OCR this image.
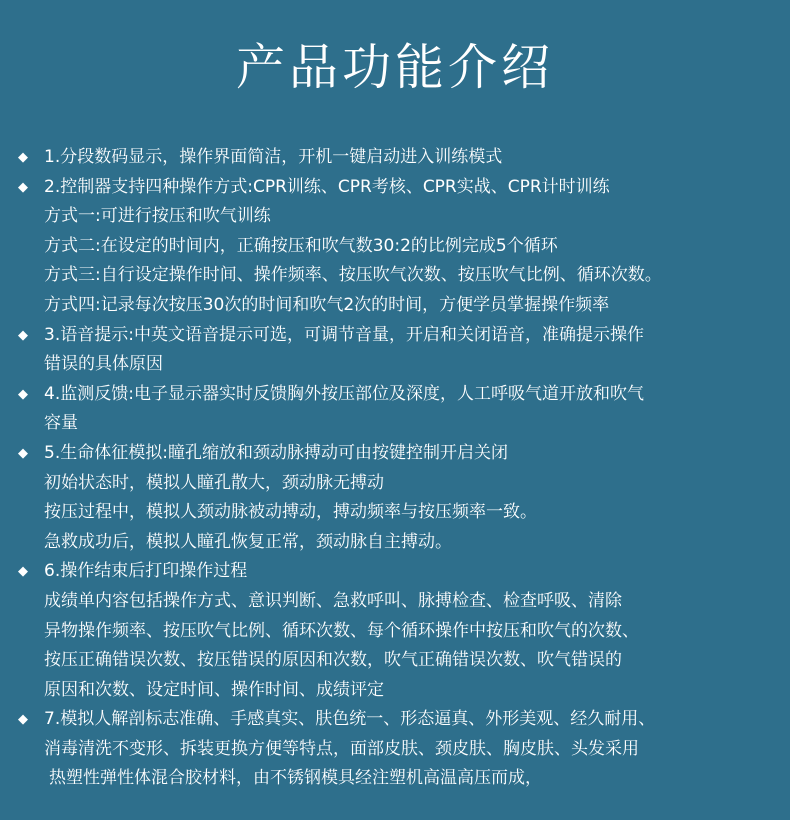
产品功能介绍
◆ 1.分段数码显示，操作界面简洁，开机一键启动进入训练模式
◆ 2.控制器支持四种操作方式:CPR训练、CPR考核、CPR实战、CPR计时训练
方式一:可进行按压和吹气训练
方式二:在设定的时间内，正确按压和吹气数30:2的比例完成5个循环
方式三:自行设定操作时间、操作频率、按压吹气次数、按压吹气比例、循环次数。
方式四:记录每次按压30次的时间和吹气2次的时间，方便学员掌握操作频率
◆ 3.语音提示:中英文语音提示可选，可调节音量，开启和关闭语音，准确提示操作
错误的具体原因
◆ 4.监测反馈:电子显示器实时反馈胸外按压部位及深度，人工呼吸气道开放和吹气
容量
◆ 5.生命体征模拟:瞳孔缩放和颈动脉搏动可由按键控制开启关闭
初始状态时，模拟人瞳孔散大，颈动脉无搏动
按压过程中，模拟人颈动脉被动搏动，搏动频率与按压频率一致。
急救成功后，模拟人瞳孔恢复正常，颈动脉自主搏动。
◆ 6.操作结束后打印操作过程
成绩单内容包括操作方式、意识判断、急救呼叫、脉搏检查、检查呼吸、清除
异物操作频率、按压吹气比例、循环次数、每个循环操作中按压和吹气的次数、
按压正确错误次数、按压错误的原因和次数，吹气正确错误次数、吹气错误的
原因和次数、设定时间、操作时间、成绩评定
◆ 7.模拟人解剖标志准确、手感真实、肤色统一、形态逼真、外形美观、经久耐用、
消毒清洗不变形、拆装更换方便等特点，面部皮肤、颈皮肤、胸皮肤、头发采用
热塑性弹性体混合胶材料，由不锈钢模具经注塑机高温高压而成，
